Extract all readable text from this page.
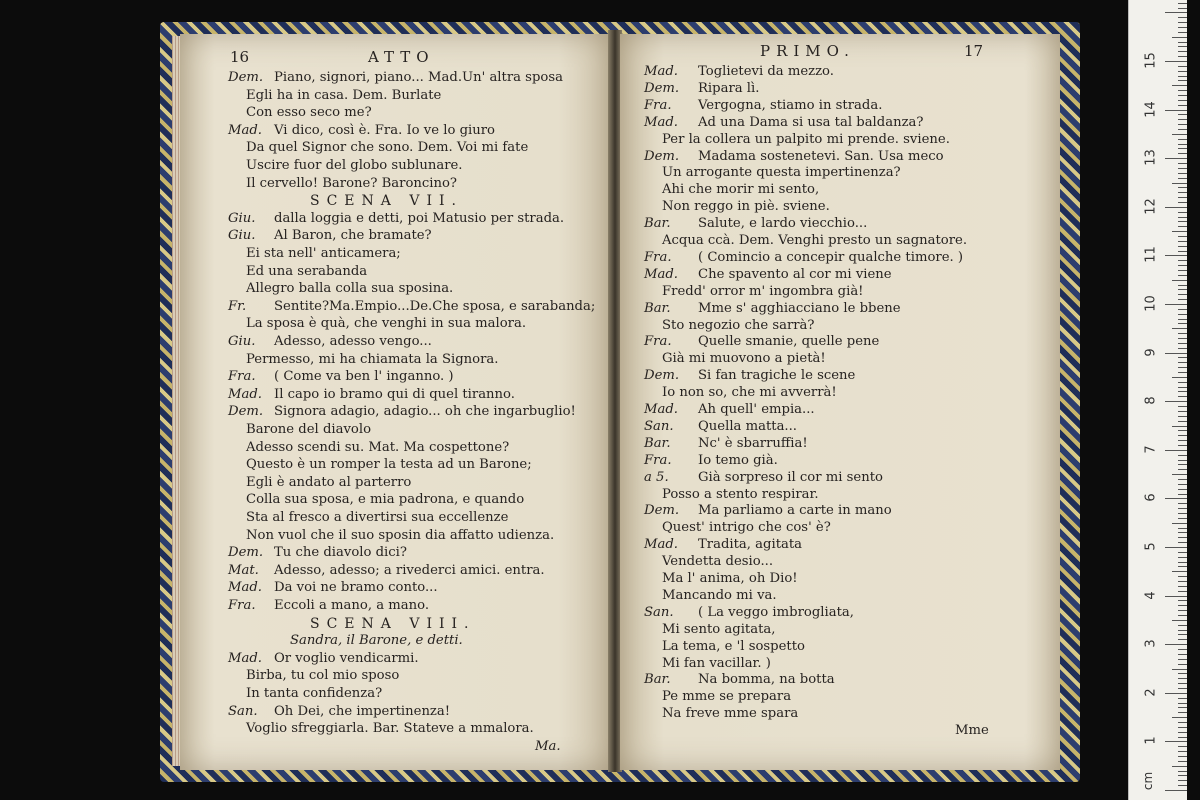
16	ATTO
Dem. Piano, signori, piano... Mad.Un' altra sposa
Egli ha in casa. Dem. Burlate
Con esso seco me?
Mad. Vi dico, così è. Fra. Io ve lo giuro
Da quel Signor che sono. Dem. Voi mi fate
Uscire fuor del globo sublunare.
Il cervello! Barone? Baroncino?
SCENA VII.
Giu. dalla loggia e detti, poi Matusio per strada.
Giu. Al Baron, che bramate?
Ei sta nell' anticamera;
Ed una serabanda
Allegro balla colla sua sposina.
Fr. Sentite?Ma.Empio...De.Che sposa, e sarabanda;
La sposa è quà, che venghi in sua malora.
Giu. Adesso, adesso vengo...
Permesso, mi ha chiamata la Signora.
Fra. ( Come va ben l' inganno. )
Mad. Il capo io bramo qui di quel tiranno.
Dem. Signora adagio, adagio... oh che ingarbuglio!
Barone del diavolo
Adesso scendi su. Mat. Ma cospettone?
Questo è un romper la testa ad un Barone;
Egli è andato al parterro
Colla sua sposa, e mia padrona, e quando
Sta al fresco a divertirsi sua eccellenze
Non vuol che il suo sposin dia affatto udienza.
Dem. Tu che diavolo dici?
Mat. Adesso, adesso; a rivederci amici. entra.
Mad. Da voi ne bramo conto...
Fra. Eccoli a mano, a mano.
SCENA VIII.
Sandra, il Barone, e detti.
Mad. Or voglio vendicarmi.
Birba, tu col mio sposo
In tanta confidenza?
San. Oh Dei, che impertinenza!
Voglio sfreggiarla. Bar. Stateve a mmalora.
Ma.
PRIMO.	17
Mad. Toglietevi da mezzo.
Dem. Ripara lì.
Fra. Vergogna, stiamo in strada.
Mad. Ad una Dama si usa tal baldanza?
Per la collera un palpito mi prende. sviene.
Dem. Madama sostenetevi. San. Usa meco
Un arrogante questa impertinenza?
Ahi che morir mi sento,
Non reggo in piè. sviene.
Bar. Salute, e lardo viecchio...
Acqua ccà. Dem. Venghi presto un sagnatore.
Fra. ( Comincio a concepir qualche timore. )
Mad. Che spavento al cor mi viene
Fredd' orror m' ingombra già!
Bar. Mme s' agghiacciano le bbene
Sto negozio che sarrà?
Fra. Quelle smanie, quelle pene
Già mi muovono a pietà!
Dem. Si fan tragiche le scene
Io non so, che mi avverrà!
Mad. Ah quell' empia...
San. Quella matta...
Bar. Nc' è sbarruffia!
Fra. Io temo già.
a 5. Già sorpreso il cor mi sento
Posso a stento respirar.
Dem. Ma parliamo a carte in mano
Quest' intrigo che cos' è?
Mad. Tradita, agitata
Vendetta desio...
Ma l' anima, oh Dio!
Mancando mi va.
San. ( La veggo imbrogliata,
Mi sento agitata,
La tema, e 'l sospetto
Mi fan vacillar. )
Bar. Na bomma, na botta
Pe mme se prepara
Na freve mme spara
Mme
cm
1
2
3
4
5
6
7
8
9
10
11
12
13
14
15
